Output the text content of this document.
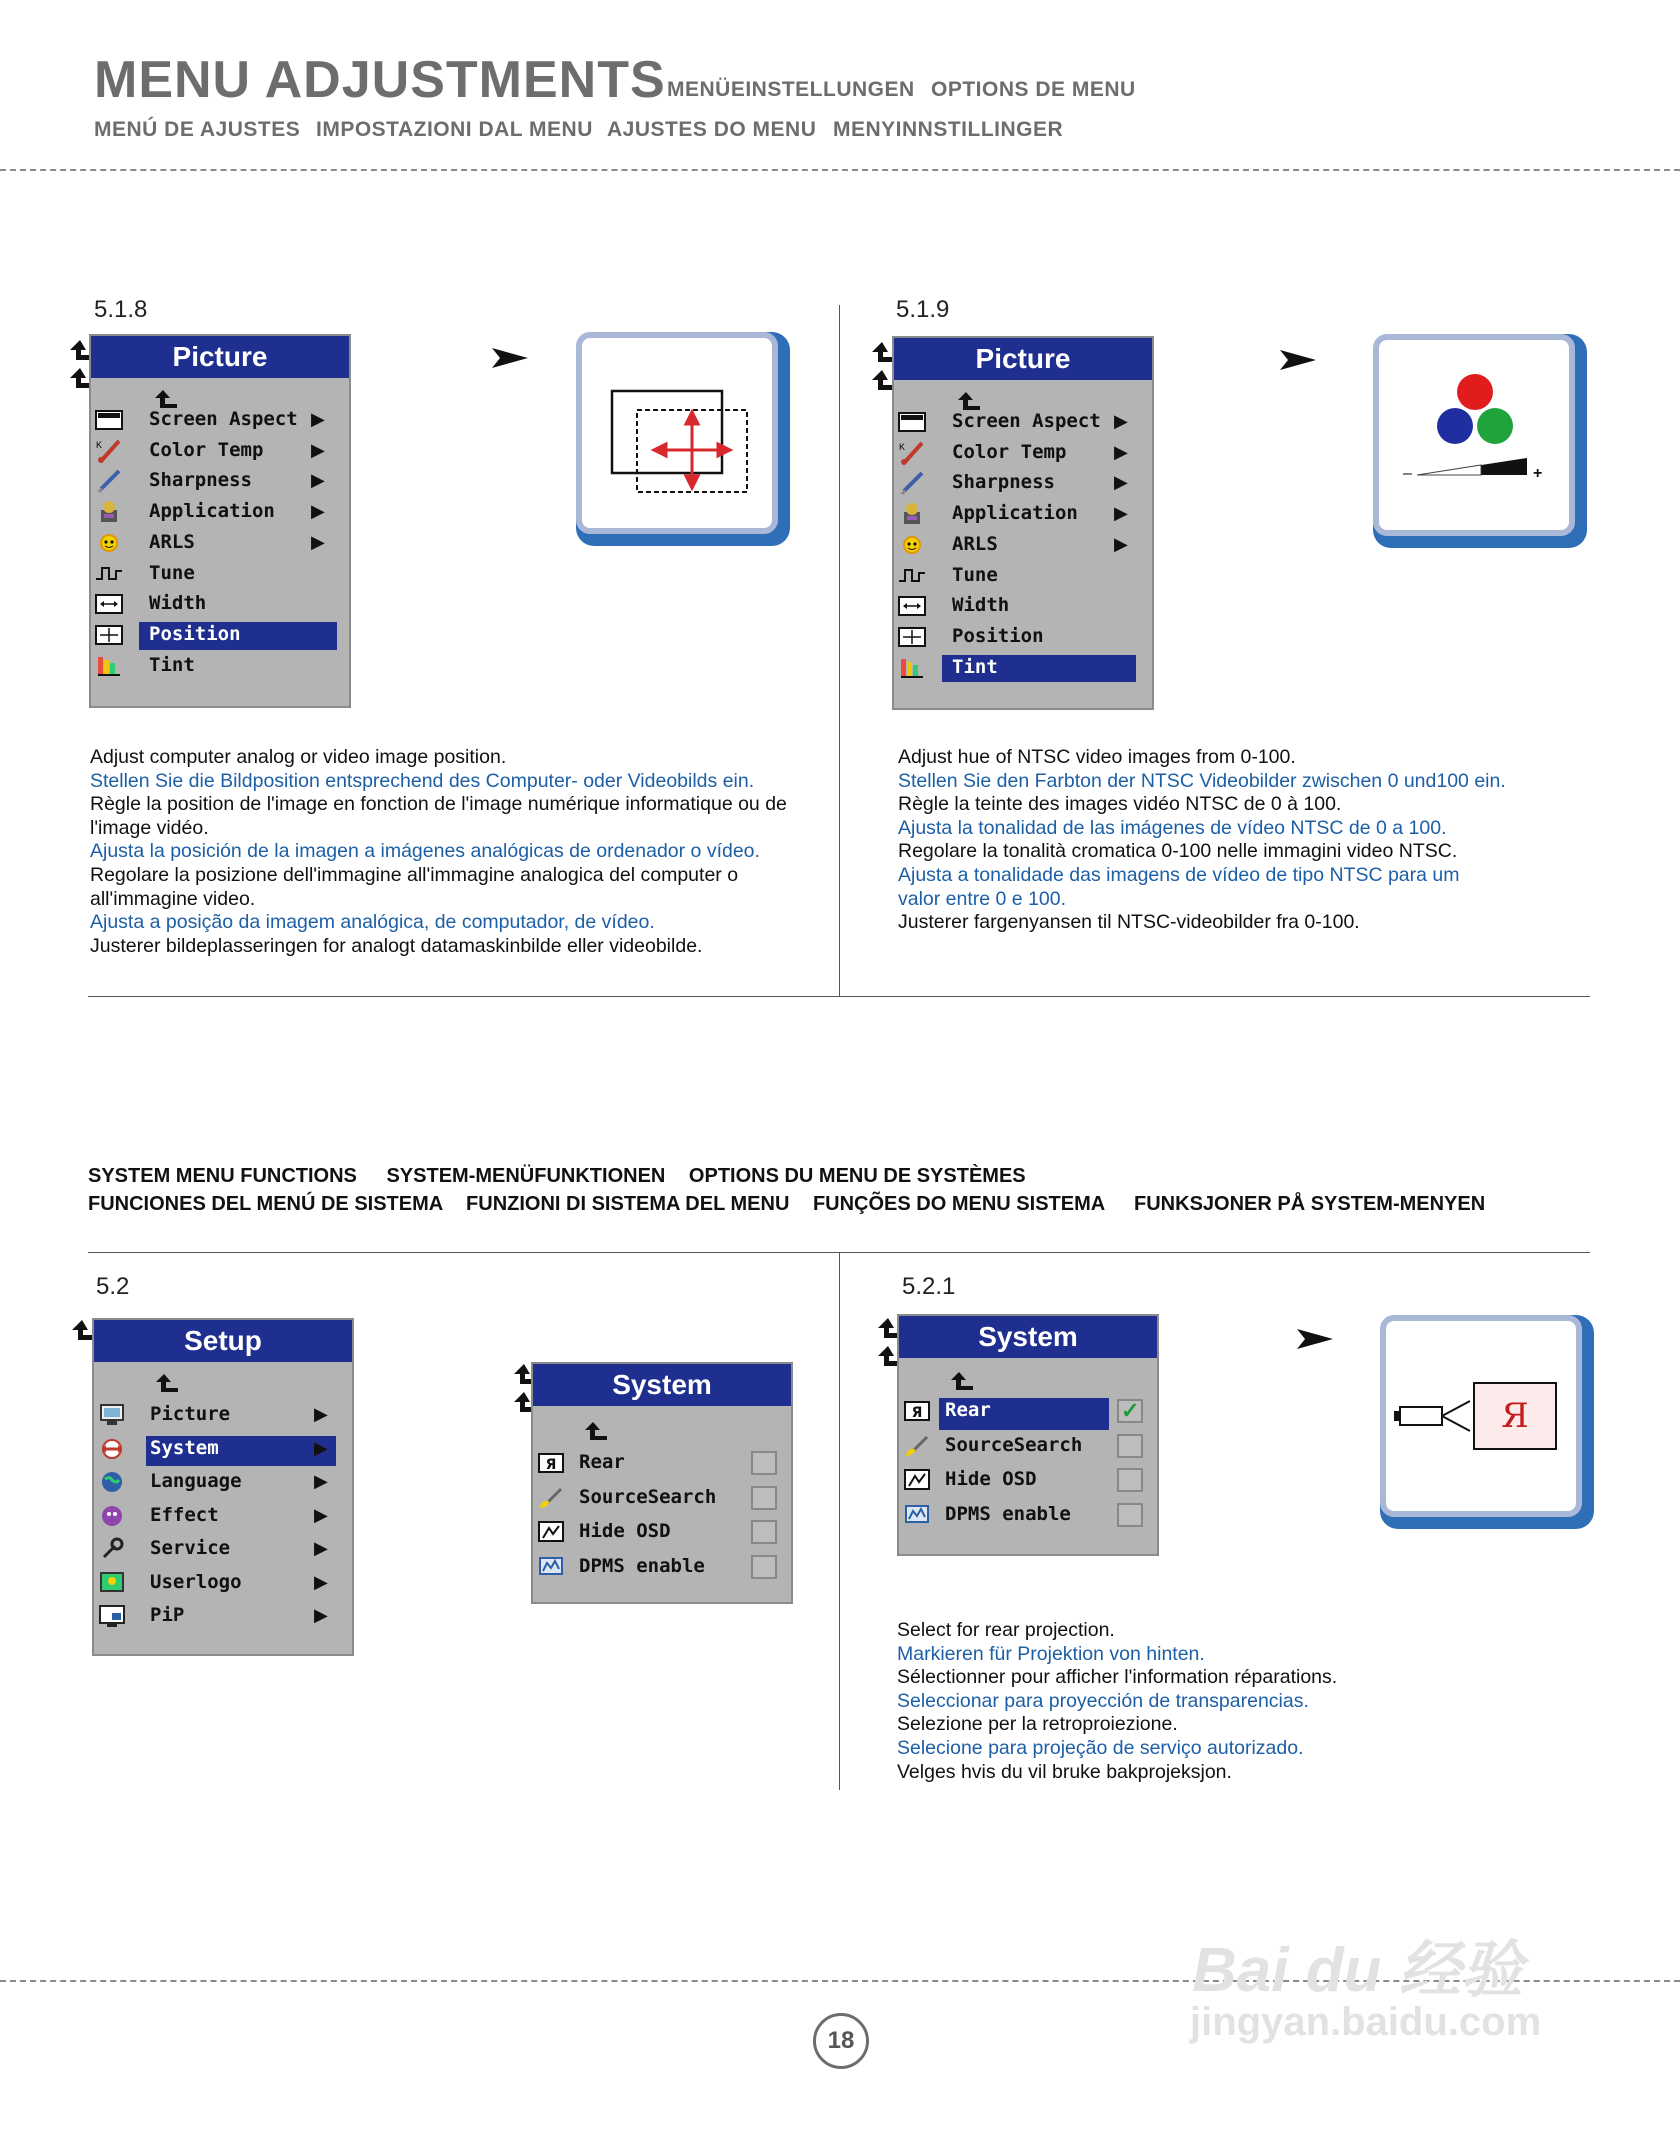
MENU ADJUSTMENTS MENÜEINSTELLUNGEN OPTIONS DE MENU
MENÚ DE AJUSTES IMPOSTAZIONI DAL MENU AJUSTES DO MENU MENYINNSTILLINGER
5.1.8
Picture
Screen Aspect ▶
K Color Temp	▶
Sharpness	▶
Application ▶
ARLS	▶
Tune
Width
Position
Tint
Adjust computer analog or video image position.
Stellen Sie die Bildposition entsprechend des Computer- oder Videobilds ein.
Règle la position de l'image en fonction de l'image numérique informatique ou de
l'image vidéo.
Ajusta la posición de la imagen a imágenes analógicas de ordenador o vídeo.
Regolare la posizione dell'immagine all'immagine analogica del computer o
all'immagine video.
Ajusta a posição da imagem analógica, de computador, de vídeo.
Justerer bildeplasseringen for analogt datamaskinbilde eller videobilde.
5.1.9
Picture
Screen Aspect ▶
K Color Temp	▶
Sharpness	▶
Application ▶
ARLS	▶
Tune
Width
Position
Tint
–	+
Adjust hue of NTSC video images from 0-100.
Stellen Sie den Farbton der NTSC Videobilder zwischen 0 und100 ein.
Règle la teinte des images vidéo NTSC de 0 à 100.
Ajusta la tonalidad de las imágenes de vídeo NTSC de 0 a 100.
Regolare la tonalità cromatica 0-100 nelle immagini video NTSC.
Ajusta a tonalidade das imagens de vídeo de tipo NTSC para um
valor entre 0 e 100.
Justerer fargenyansen til NTSC-videobilder fra 0-100.
SYSTEM MENU FUNCTIONS SYSTEM-MENÜFUNKTIONEN OPTIONS DU MENU DE SYSTÈMES
FUNCIONES DEL MENÚ DE SISTEMA FUNZIONI DI SISTEMA DEL MENU FUNÇÕES DO MENU SISTEMA FUNKSJONER PÅ SYSTEM-MENYEN
5.2
Setup
Picture	▶
System	▶
Language	▶
Effect	▶
Service	▶
Userlogo	▶
PiP	▶
System
Я Rear
SourceSearch
Hide OSD
DPMS enable
5.2.1
System
Я Rear	✓
SourceSearch
Hide OSD
DPMS enable
Я
Select for rear projection.
Markieren für Projektion von hinten.
Sélectionner pour afficher l'information réparations.
Seleccionar para proyección de transparencias.
Selezione per la retroproiezione.
Selecione para projeção de serviço autorizado.
Velges hvis du vil bruke bakprojeksjon.
18
Bai du 经验
jingyan.baidu.com
